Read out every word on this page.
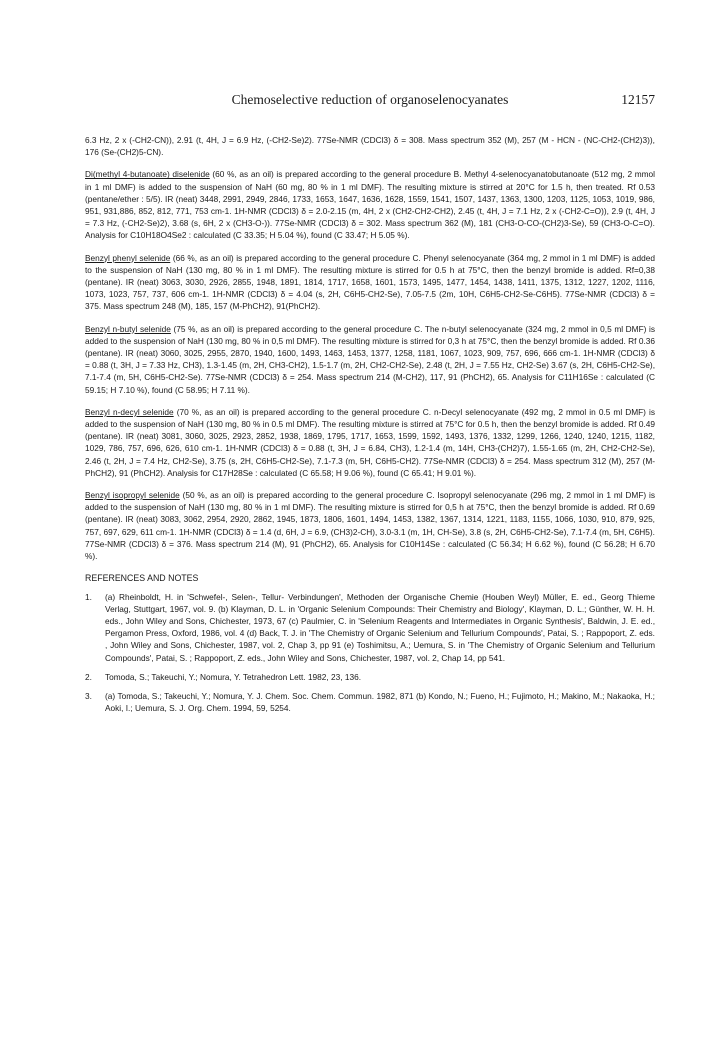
Chemoselective reduction of organoselenocyanates	12157

6.3 Hz, 2 x (-CH2-CN)), 2.91 (t, 4H, J = 6.9 Hz, (-CH2-Se)2). 77Se-NMR (CDCl3) δ = 308. Mass spectrum 352 (M), 257 (M - HCN - (NC-CH2-(CH2)3)), 176 (Se-(CH2)5-CN).

Di(methyl 4-butanoate) diselenide (60 %, as an oil) is prepared according to the general procedure B. Methyl 4-selenocyanatobutanoate (512 mg, 2 mmol in 1 ml DMF) is added to the suspension of NaH (60 mg, 80 % in 1 ml DMF). The resulting mixture is stirred at 20°C for 1.5 h, then treated. Rf 0.53 (pentane/ether : 5/5). IR (neat) 3448, 2991, 2949, 2846, 1733, 1653, 1647, 1636, 1628, 1559, 1541, 1507, 1437, 1363, 1300, 1203, 1125, 1053, 1019, 986, 951, 931,886, 852, 812, 771, 753 cm-1. 1H-NMR (CDCl3) δ = 2.0-2.15 (m, 4H, 2 x (CH2-CH2-CH2), 2.45 (t, 4H, J = 7.1 Hz, 2 x (-CH2-C=O)), 2.9 (t, 4H, J = 7.3 Hz, (-CH2-Se)2), 3.68 (s, 6H, 2 x (CH3-O-)). 77Se-NMR (CDCl3) δ = 302. Mass spectrum 362 (M), 181 (CH3-O-CO-(CH2)3-Se), 59 (CH3-O-C=O). Analysis for C10H18O4Se2 : calculated (C 33.35; H 5.04 %), found (C 33.47; H 5.05 %).

Benzyl phenyl selenide (66 %, as an oil) is prepared according to the general procedure C. Phenyl selenocyanate (364 mg, 2 mmol in 1 ml DMF) is added to the suspension of NaH (130 mg, 80 % in 1 ml DMF). The resulting mixture is stirred for 0.5 h at 75°C, then the benzyl bromide is added. Rf=0,38 (pentane). IR (neat) 3063, 3030, 2926, 2855, 1948, 1891, 1814, 1717, 1658, 1601, 1573, 1495, 1477, 1454, 1438, 1411, 1375, 1312, 1227, 1202, 1116, 1073, 1023, 757, 737, 606 cm-1. 1H-NMR (CDCl3) δ = 4.04 (s, 2H, C6H5-CH2-Se), 7.05-7.5 (2m, 10H, C6H5-CH2-Se-C6H5). 77Se-NMR (CDCl3) δ = 375. Mass spectrum 248 (M), 185, 157 (M-PhCH2), 91(PhCH2).

Benzyl n-butyl selenide (75 %, as an oil) is prepared according to the general procedure C. The n-butyl selenocyanate (324 mg, 2 mmol in 0,5 ml DMF) is added to the suspension of NaH (130 mg, 80 % in 0,5 ml DMF). The resulting mixture is stirred for 0,3 h at 75°C, then the benzyl bromide is added. Rf 0.36 (pentane). IR (neat) 3060, 3025, 2955, 2870, 1940, 1600, 1493, 1463, 1453, 1377, 1258, 1181, 1067, 1023, 909, 757, 696, 666 cm-1. 1H-NMR (CDCl3) δ = 0.88 (t, 3H, J = 7.33 Hz, CH3), 1.3-1.45 (m, 2H, CH3-CH2), 1.5-1.7 (m, 2H, CH2-CH2-Se), 2.48 (t, 2H, J = 7.55 Hz, CH2-Se) 3.67 (s, 2H, C6H5-CH2-Se), 7.1-7.4 (m, 5H, C6H5-CH2-Se). 77Se-NMR (CDCl3) δ = 254. Mass spectrum 214 (M-CH2), 117, 91 (PhCH2), 65. Analysis for C11H16Se : calculated (C 59.15; H 7.10 %), found (C 58.95; H 7.11 %).

Benzyl n-decyl selenide (70 %, as an oil) is prepared according to the general procedure C. n-Decyl selenocyanate (492 mg, 2 mmol in 0.5 ml DMF) is added to the suspension of NaH (130 mg, 80 % in 0.5 ml DMF). The resulting mixture is stirred at 75°C for 0.5 h, then the benzyl bromide is added. Rf 0.49 (pentane). IR (neat) 3081, 3060, 3025, 2923, 2852, 1938, 1869, 1795, 1717, 1653, 1599, 1592, 1493, 1376, 1332, 1299, 1266, 1240, 1240, 1215, 1182, 1029, 786, 757, 696, 626, 610 cm-1. 1H-NMR (CDCl3) δ = 0.88 (t, 3H, J = 6.84, CH3), 1.2-1.4 (m, 14H, CH3-(CH2)7), 1.55-1.65 (m, 2H, CH2-CH2-Se), 2.46 (t, 2H, J = 7.4 Hz, CH2-Se), 3.75 (s, 2H, C6H5-CH2-Se), 7.1-7.3 (m, 5H, C6H5-CH2). 77Se-NMR (CDCl3) δ = 254. Mass spectrum 312 (M), 257 (M- PhCH2), 91 (PhCH2). Analysis for C17H28Se : calculated (C 65.58; H 9.06 %), found (C 65.41; H 9.01 %).

Benzyl isopropyl selenide (50 %, as an oil) is prepared according to the general procedure C. Isopropyl selenocyanate (296 mg, 2 mmol in 1 ml DMF) is added to the suspension of NaH (130 mg, 80 % in 1 ml DMF). The resulting mixture is stirred for 0,5 h at 75°C, then the benzyl bromide is added. Rf 0.69 (pentane). IR (neat) 3083, 3062, 2954, 2920, 2862, 1945, 1873, 1806, 1601, 1494, 1453, 1382, 1367, 1314, 1221, 1183, 1155, 1066, 1030, 910, 879, 925, 757, 697, 629, 611 cm-1. 1H-NMR (CDCl3) δ = 1.4 (d, 6H, J = 6.9, (CH3)2-CH), 3.0-3.1 (m, 1H, CH-Se), 3.8 (s, 2H, C6H5-CH2-Se), 7.1-7.4 (m, 5H, C6H5). 77Se-NMR (CDCl3) δ = 376. Mass spectrum 214 (M), 91 (PhCH2), 65. Analysis for C10H14Se : calculated (C 56.34; H 6.62 %), found (C 56.28; H 6.70 %).

REFERENCES AND NOTES
1.	(a) Rheinboldt, H. in 'Schwefel-, Selen-, Tellur- Verbindungen', Methoden der Organische Chemie (Houben Weyl) Müller, E. ed., Georg Thieme Verlag, Stuttgart, 1967, vol. 9. (b) Klayman, D. L. in 'Organic Selenium Compounds: Their Chemistry and Biology', Klayman, D. L.; Günther, W. H. H. eds., John Wiley and Sons, Chichester, 1973, 67 (c) Paulmier, C. in 'Selenium Reagents and Intermediates in Organic Synthesis', Baldwin, J. E. ed., Pergamon Press, Oxford, 1986, vol. 4 (d) Back, T. J. in 'The Chemistry of Organic Selenium and Tellurium Compounds', Patai, S. ; Rappoport, Z. eds. , John Wiley and Sons, Chichester, 1987, vol. 2, Chap 3, pp 91 (e) Toshimitsu, A.; Uemura, S. in 'The Chemistry of Organic Selenium and Tellurium Compounds', Patai, S. ; Rappoport, Z. eds., John Wiley and Sons, Chichester, 1987, vol. 2, Chap 14, pp 541.
2.	Tomoda, S.; Takeuchi, Y.; Nomura, Y. Tetrahedron Lett. 1982, 23, 136.
3.	(a) Tomoda, S.; Takeuchi, Y.; Nomura, Y. J. Chem. Soc. Chem. Commun. 1982, 871 (b) Kondo, N.; Fueno, H.; Fujimoto, H.; Makino, M.; Nakaoka, H.; Aoki, I.; Uemura, S. J. Org. Chem. 1994, 59, 5254.
